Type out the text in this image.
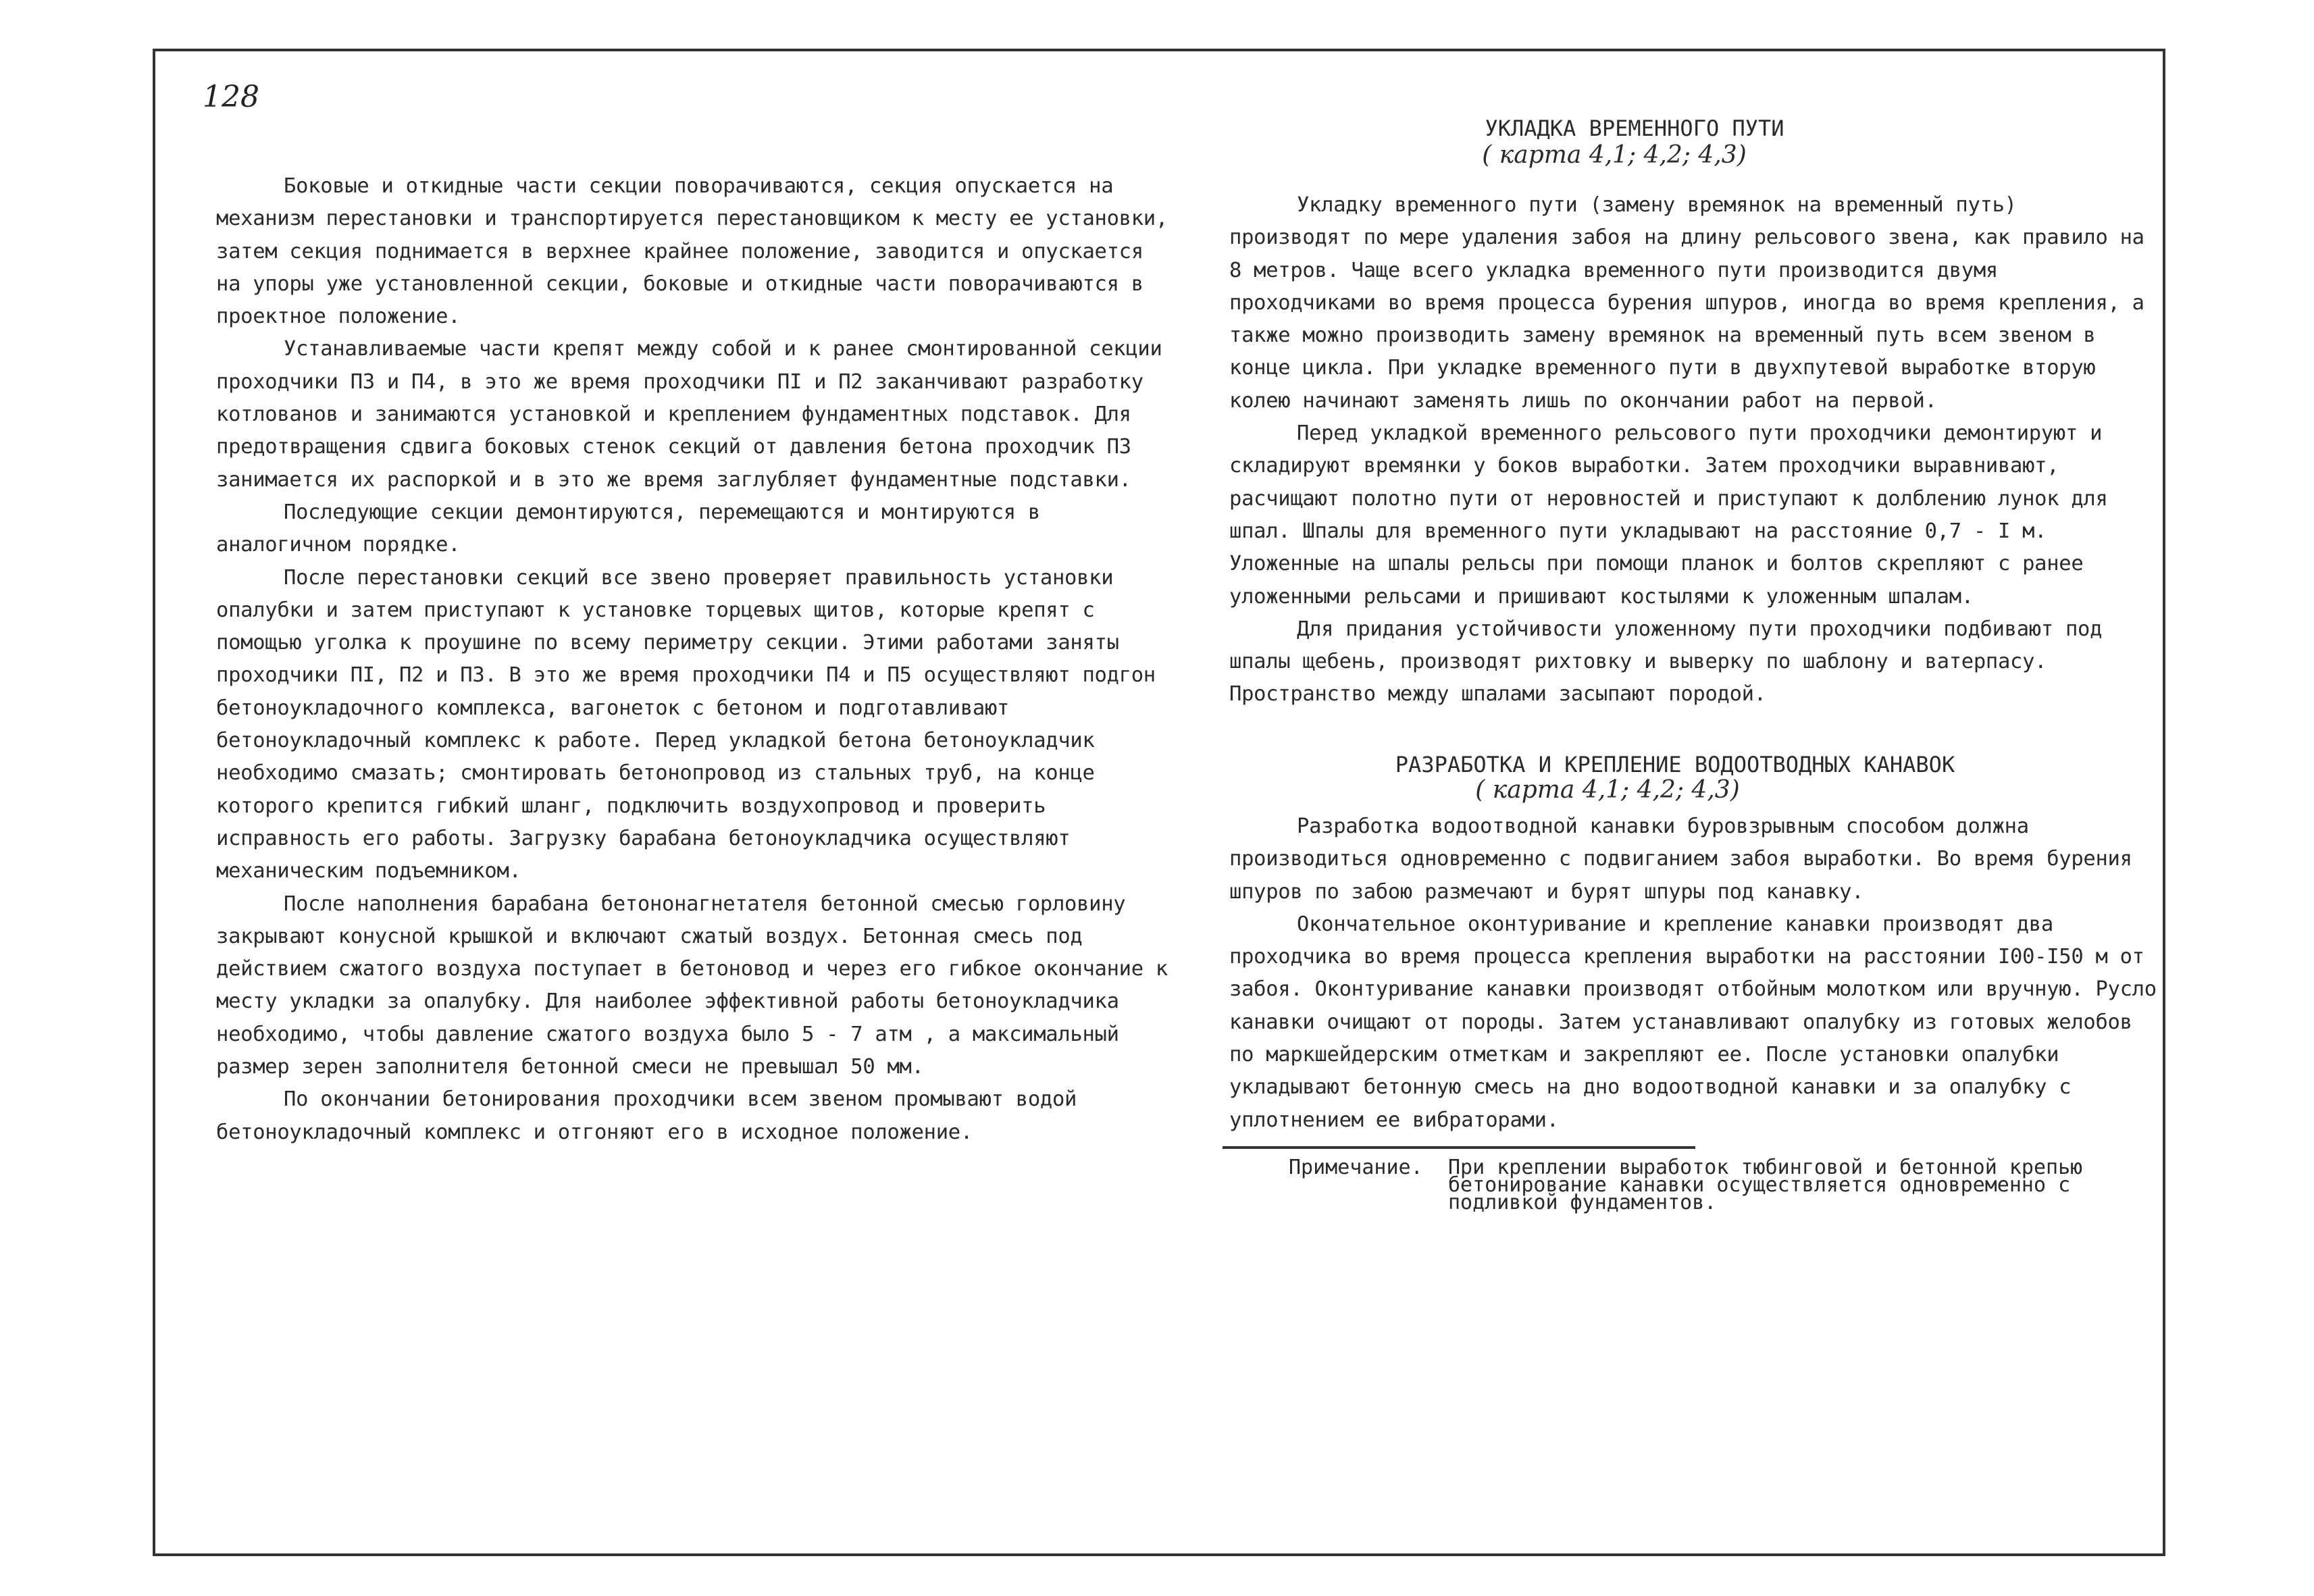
128

Боковые и откидные части секции поворачиваются, секция опускается на механизм перестановки и транспортируется перестановщиком к месту ее установки, затем секция поднимается в верхнее крайнее положение, заводится и опускается на упоры уже установленной секции, боковые и откидные части поворачиваются в проектное положение.

Устанавливаемые части крепят между собой и к ранее смонтированной секции проходчики П3 и П4, в это же время проходчики ПI и П2 заканчивают разработку котлованов и занимаются установкой и креплением фундаментных подставок. Для предотвращения сдвига боковых стенок секций от давления бетона проходчик П3 занимается их распоркой и в это же время заглубляет фундаментные подставки.

Последующие секции демонтируются, перемещаются и монтируются в аналогичном порядке.

После перестановки секций все звено проверяет правильность установки опалубки и затем приступают к установке торцевых щитов, которые крепят с помощью уголка к проушине по всему периметру секции. Этими работами заняты проходчики ПI, П2 и П3. В это же время проходчики П4 и П5 осуществляют подгон бетоноукладочного комплекса, вагонеток с бетоном и подготавливают бетоноукладочный комплекс к работе. Перед укладкой бетона бетоноукладчик необходимо смазать; смонтировать бетонопровод из стальных труб, на конце которого крепится гибкий шланг, подключить воздухопровод и проверить исправность его работы. Загрузку барабана бетоноукладчика осуществляют механическим подъемником.

После наполнения барабана бетононагнетателя бетонной смесью горловину закрывают конусной крышкой и включают сжатый воздух. Бетонная смесь под действием сжатого воздуха поступает в бетоновод и через его гибкое окончание к месту укладки за опалубку. Для наиболее эффективной работы бетоноукладчика необходимо, чтобы давление сжатого воздуха было 5 - 7 атм , а максимальный размер зерен заполнителя бетонной смеси не превышал 50 мм.

По окончании бетонирования проходчики всем звеном промывают водой бетоноукладочный комплекс и отгоняют его в исходное положение.

УКЛАДКА ВРЕМЕННОГО ПУТИ
( карта 4,1; 4,2; 4,3)

Укладку временного пути (замену времянок на временный путь) производят по мере удаления забоя на длину рельсового звена, как правило на 8 метров. Чаще всего укладка временного пути производится двумя проходчиками во время процесса бурения шпуров, иногда во время крепления, а также можно производить замену времянок на временный путь всем звеном в конце цикла. При укладке временного пути в двухпутевой выработке вторую колею начинают заменять лишь по окончании работ на первой.

Перед укладкой временного рельсового пути проходчики демонтируют и складируют времянки у боков выработки. Затем проходчики выравнивают, расчищают полотно пути от неровностей и приступают к долблению лунок для шпал. Шпалы для временного пути укладывают на расстояние 0,7 - I м. Уложенные на шпалы рельсы при помощи планок и болтов скрепляют с ранее уложенными рельсами и пришивают костылями к уложенным шпалам.

Для придания устойчивости уложенному пути проходчики подбивают под шпалы щебень, производят рихтовку и выверку по шаблону и ватерпасу. Пространство между шпалами засыпают породой.

РАЗРАБОТКА И КРЕПЛЕНИЕ ВОДООТВОДНЫХ КАНАВОК
( карта 4,1; 4,2; 4,3)

Разработка водоотводной канавки буровзрывным способом должна производиться одновременно с подвиганием забоя выработки. Во время бурения шпуров по забою размечают и бурят шпуры под канавку.

Окончательное оконтуривание и крепление канавки производят два проходчика во время процесса крепления выработки на расстоянии I00-I50 м от забоя. Оконтуривание канавки производят отбойным молотком или вручную. Русло канавки очищают от породы. Затем устанавливают опалубку из готовых желобов по маркшейдерским отметкам и закрепляют ее. После установки опалубки укладывают бетонную смесь на дно водоотводной канавки и за опалубку с уплотнением ее вибраторами.

Примечание.	При креплении выработок тюбинговой и бетонной крепью бетонирование канавки осуществляется одновременно с подливкой фундаментов.
